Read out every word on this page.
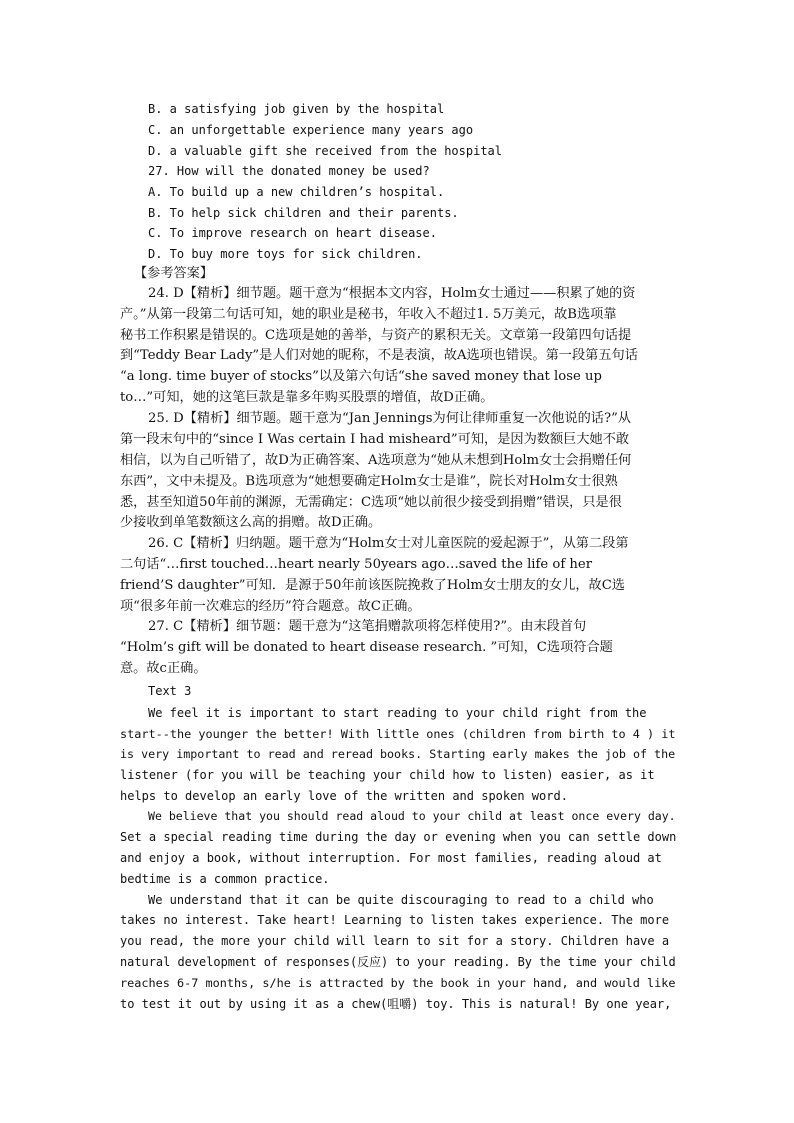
B. a satisfying job given by the hospital
C. an unforgettable experience many years ago
D. a valuable gift she received from the hospital
27. How will the donated money be used?
A. To build up a new children’s hospital.
B. To help sick children and their parents.
C. To improve research on heart disease.
D. To buy more toys for sick children.
【参考答案】
24. D【精析】细节题。题干意为“根据本文内容，Holm女士通过——积累了她的资
产。”从第一段第二句话可知，她的职业是秘书，年收入不超过1. 5万美元，故B选项靠
秘书工作积累是错误的。C选项是她的善举，与资产的累积无关。文章第一段第四句话提
到“Teddy Bear Lady”是人们对她的昵称，不是表演，故A选项也错误。第一段第五句话
“a long. time buyer of stocks”以及第六句话“she saved money that lose up
to…”可知，她的这笔巨款是靠多年购买股票的增值，故D正确。
25. D【精析】细节题。题干意为“Jan Jennings为何让律师重复一次他说的话?”从
第一段末句中的“since I Was certain I had misheard”可知，是因为数额巨大她不敢
相信，以为自己听错了，故D为正确答案、A选项意为“她从未想到Holm女士会捐赠任何
东西”，文中未提及。B选项意为“她想要确定Holm女士是谁”，院长对Holm女士很熟
悉，甚至知道50年前的渊源，无需确定：C选项“她以前很少接受到捐赠”错误，只是很
少接收到单笔数额这么高的捐赠。故D正确。
26. C【精析】归纳题。题干意为“Holm女士对儿童医院的爱起源于”，从第二段第
二句话“…first touched…heart nearly 50years ago…saved the life of her
friend’S daughter”可知．是源于50年前该医院挽救了Holm女士朋友的女儿，故C选
项“很多年前一次难忘的经历”符合题意。故C正确。
27. C【精析】细节题：题干意为“这笔捐赠款项将怎样使用?”。由末段首句
“Holm’s gift will be donated to heart disease research. ”可知，C选项符合题
意。故c正确。
Text 3
We feel it is important to start reading to your child right from the
start--the younger the better! With little ones (children from birth to 4 ) it
is very important to read and reread books. Starting early makes the job of the
listener (for you will be teaching your child how to listen) easier, as it
helps to develop an early love of the written and spoken word.
We believe that you should read aloud to your child at least once every day.
Set a special reading time during the day or evening when you can settle down
and enjoy a book, without interruption. For most families, reading aloud at
bedtime is a common practice.
We understand that it can be quite discouraging to read to a child who
takes no interest. Take heart! Learning to listen takes experience. The more
you read, the more your child will learn to sit for a story. Children have a
natural development of responses(反应) to your reading. By the time your child
reaches 6-7 months, s/he is attracted by the book in your hand, and would like
to test it out by using it as a chew(咀嚼) toy. This is natural! By one year,
